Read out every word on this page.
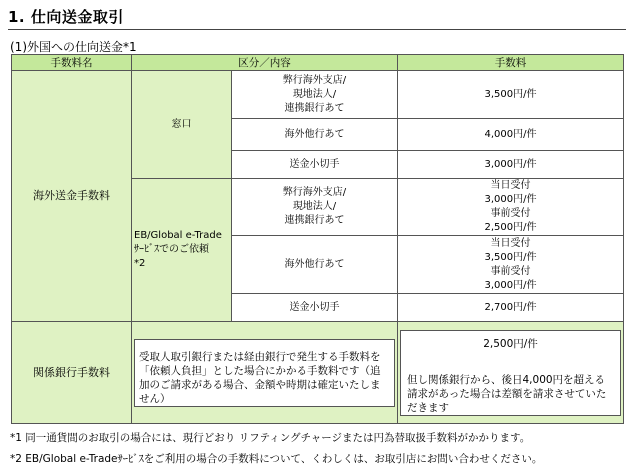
1. 仕向送金取引
(1)外国への仕向送金*1
手数料名	区分／内容		手数料
海外送金手数料	窓口	弊行海外支店/
現地法人/
連携銀行あて	3,500円/件
		海外他行あて	4,000円/件
		送金小切手	3,000円/件

	EB/Global e-Trade
ｻｰﾋﾞｽでのご依頼
*2	弊行海外支店/
現地法人/
連携銀行あて	当日受付
3,000円/件
事前受付
2,500円/件

		海外他行あて	当日受付
3,500円/件
事前受付
3,000円/件

		送金小切手	2,700円/件
関係銀行手数料	受取人取引銀行または経由銀行で発生する手数料を「依頼人負担」とした場合にかかる手数料です（追加のご請求がある場合、金額や時期は確定いたしません）		2,500円/件
但し関係銀行から、後日4,000円を超える請求があった場合は差額を請求させていただきます
*1 同一通貨間のお取引の場合には、現行どおり リフティングチャージまたは円為替取扱手数料がかかります。
*2 EB/Global e-Tradeｻｰﾋﾞｽをご利用の場合の手数料について、くわしくは、お取引店にお問い合わせください。
